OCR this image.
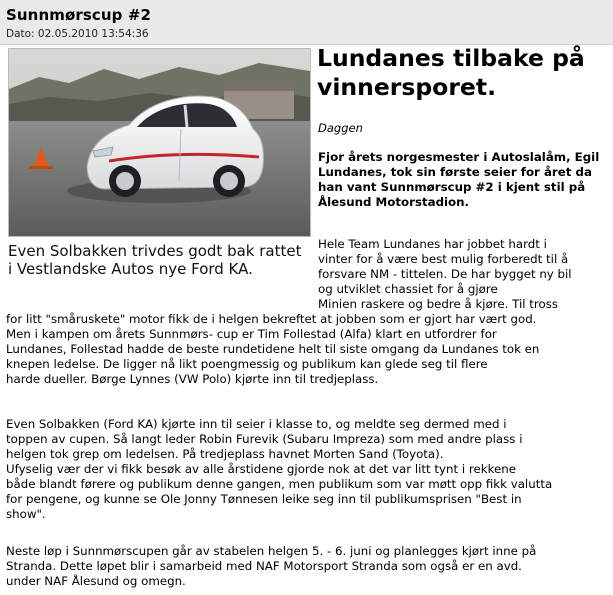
Sunnmørscup #2
Dato: 02.05.2010 13:54:36
Even Solbakken trivdes godt bak rattet i Vestlandske Autos nye Ford KA.
Lundanes tilbake på vinnersporet.
Daggen
Fjor årets norgesmester i Autoslalåm, Egil Lundanes, tok sin første seier for året da han vant Sunnmørscup #2 i kjent stil på Ålesund Motorstadion.
Hele Team Lundanes har jobbet hardt i
vinter for å være best mulig forberedt til å
forsvare NM - tittelen. De har bygget ny bil
og utviklet chassiet for å gjøre
Minien raskere og bedre å kjøre. Til tross
for litt "småruskete" motor fikk de i helgen bekreftet at jobben som er gjort har vært god.
Men i kampen om årets Sunnmørs- cup er Tim Follestad (Alfa) klart en utfordrer for
Lundanes, Follestad hadde de beste rundetidene helt til siste omgang da Lundanes tok en
knepen ledelse. De ligger nå likt poengmessig og publikum kan glede seg til flere
harde dueller. Børge Lynnes (VW Polo) kjørte inn til tredjeplass.
Even Solbakken (Ford KA) kjørte inn til seier i klasse to, og meldte seg dermed med i
toppen av cupen. Så langt leder Robin Furevik (Subaru Impreza) som med andre plass i
helgen tok grep om ledelsen. På tredjeplass havnet Morten Sand (Toyota).
Ufyselig vær der vi fikk besøk av alle årstidene gjorde nok at det var litt tynt i rekkene
både blandt førere og publikum denne gangen, men publikum som var møtt opp fikk valutta
for pengene, og kunne se Ole Jonny Tønnesen leike seg inn til publikumsprisen "Best in
show".
Neste løp i Sunnmørscupen går av stabelen helgen 5. - 6. juni og planlegges kjørt inne på
Stranda. Dette løpet blir i samarbeid med NAF Motorsport Stranda som også er en avd.
under NAF Ålesund og omegn.
